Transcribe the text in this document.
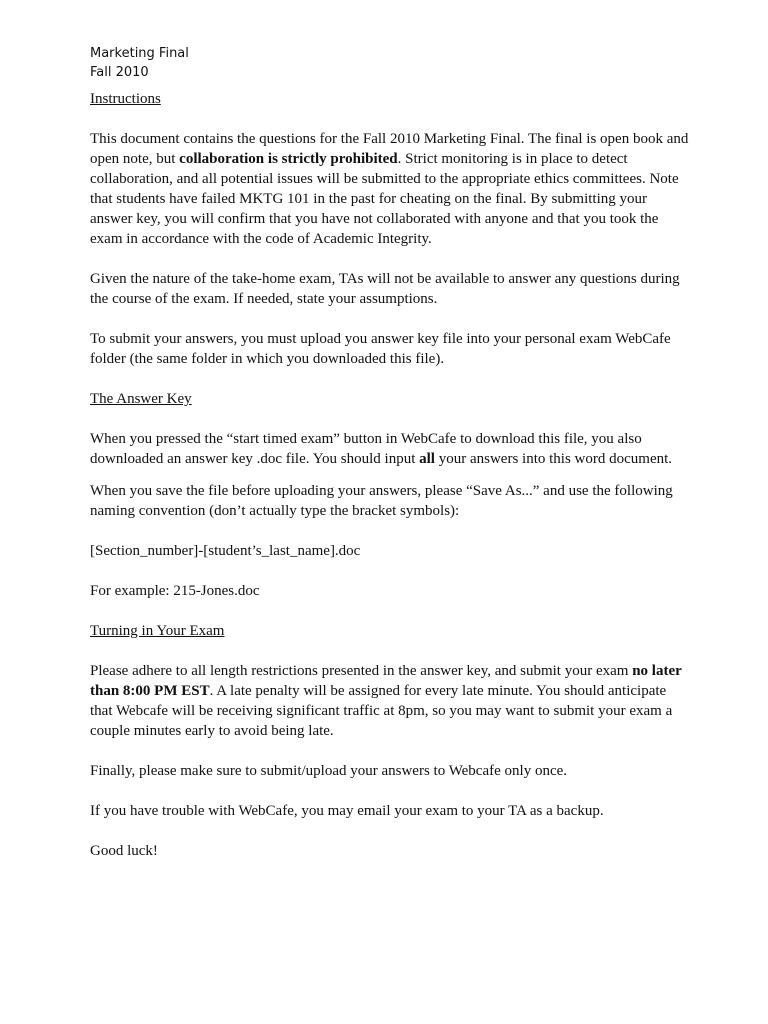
Marketing Final
Fall 2010
Instructions

This document contains the questions for the Fall 2010 Marketing Final. The final is open book and open note, but collaboration is strictly prohibited. Strict monitoring is in place to detect collaboration, and all potential issues will be submitted to the appropriate ethics committees. Note that students have failed MKTG 101 in the past for cheating on the final. By submitting your answer key, you will confirm that you have not collaborated with anyone and that you took the exam in accordance with the code of Academic Integrity.

Given the nature of the take-home exam, TAs will not be available to answer any questions during the course of the exam. If needed, state your assumptions.

To submit your answers, you must upload you answer key file into your personal exam WebCafe folder (the same folder in which you downloaded this file).

The Answer Key

When you pressed the “start timed exam” button in WebCafe to download this file, you also downloaded an answer key .doc file. You should input all your answers into this word document.

When you save the file before uploading your answers, please “Save As...” and use the following naming convention (don’t actually type the bracket symbols):

[Section_number]-[student’s_last_name].doc

For example: 215-Jones.doc

Turning in Your Exam

Please adhere to all length restrictions presented in the answer key, and submit your exam no later than 8:00 PM EST. A late penalty will be assigned for every late minute. You should anticipate that Webcafe will be receiving significant traffic at 8pm, so you may want to submit your exam a couple minutes early to avoid being late.

Finally, please make sure to submit/upload your answers to Webcafe only once.

If you have trouble with WebCafe, you may email your exam to your TA as a backup.

Good luck!
